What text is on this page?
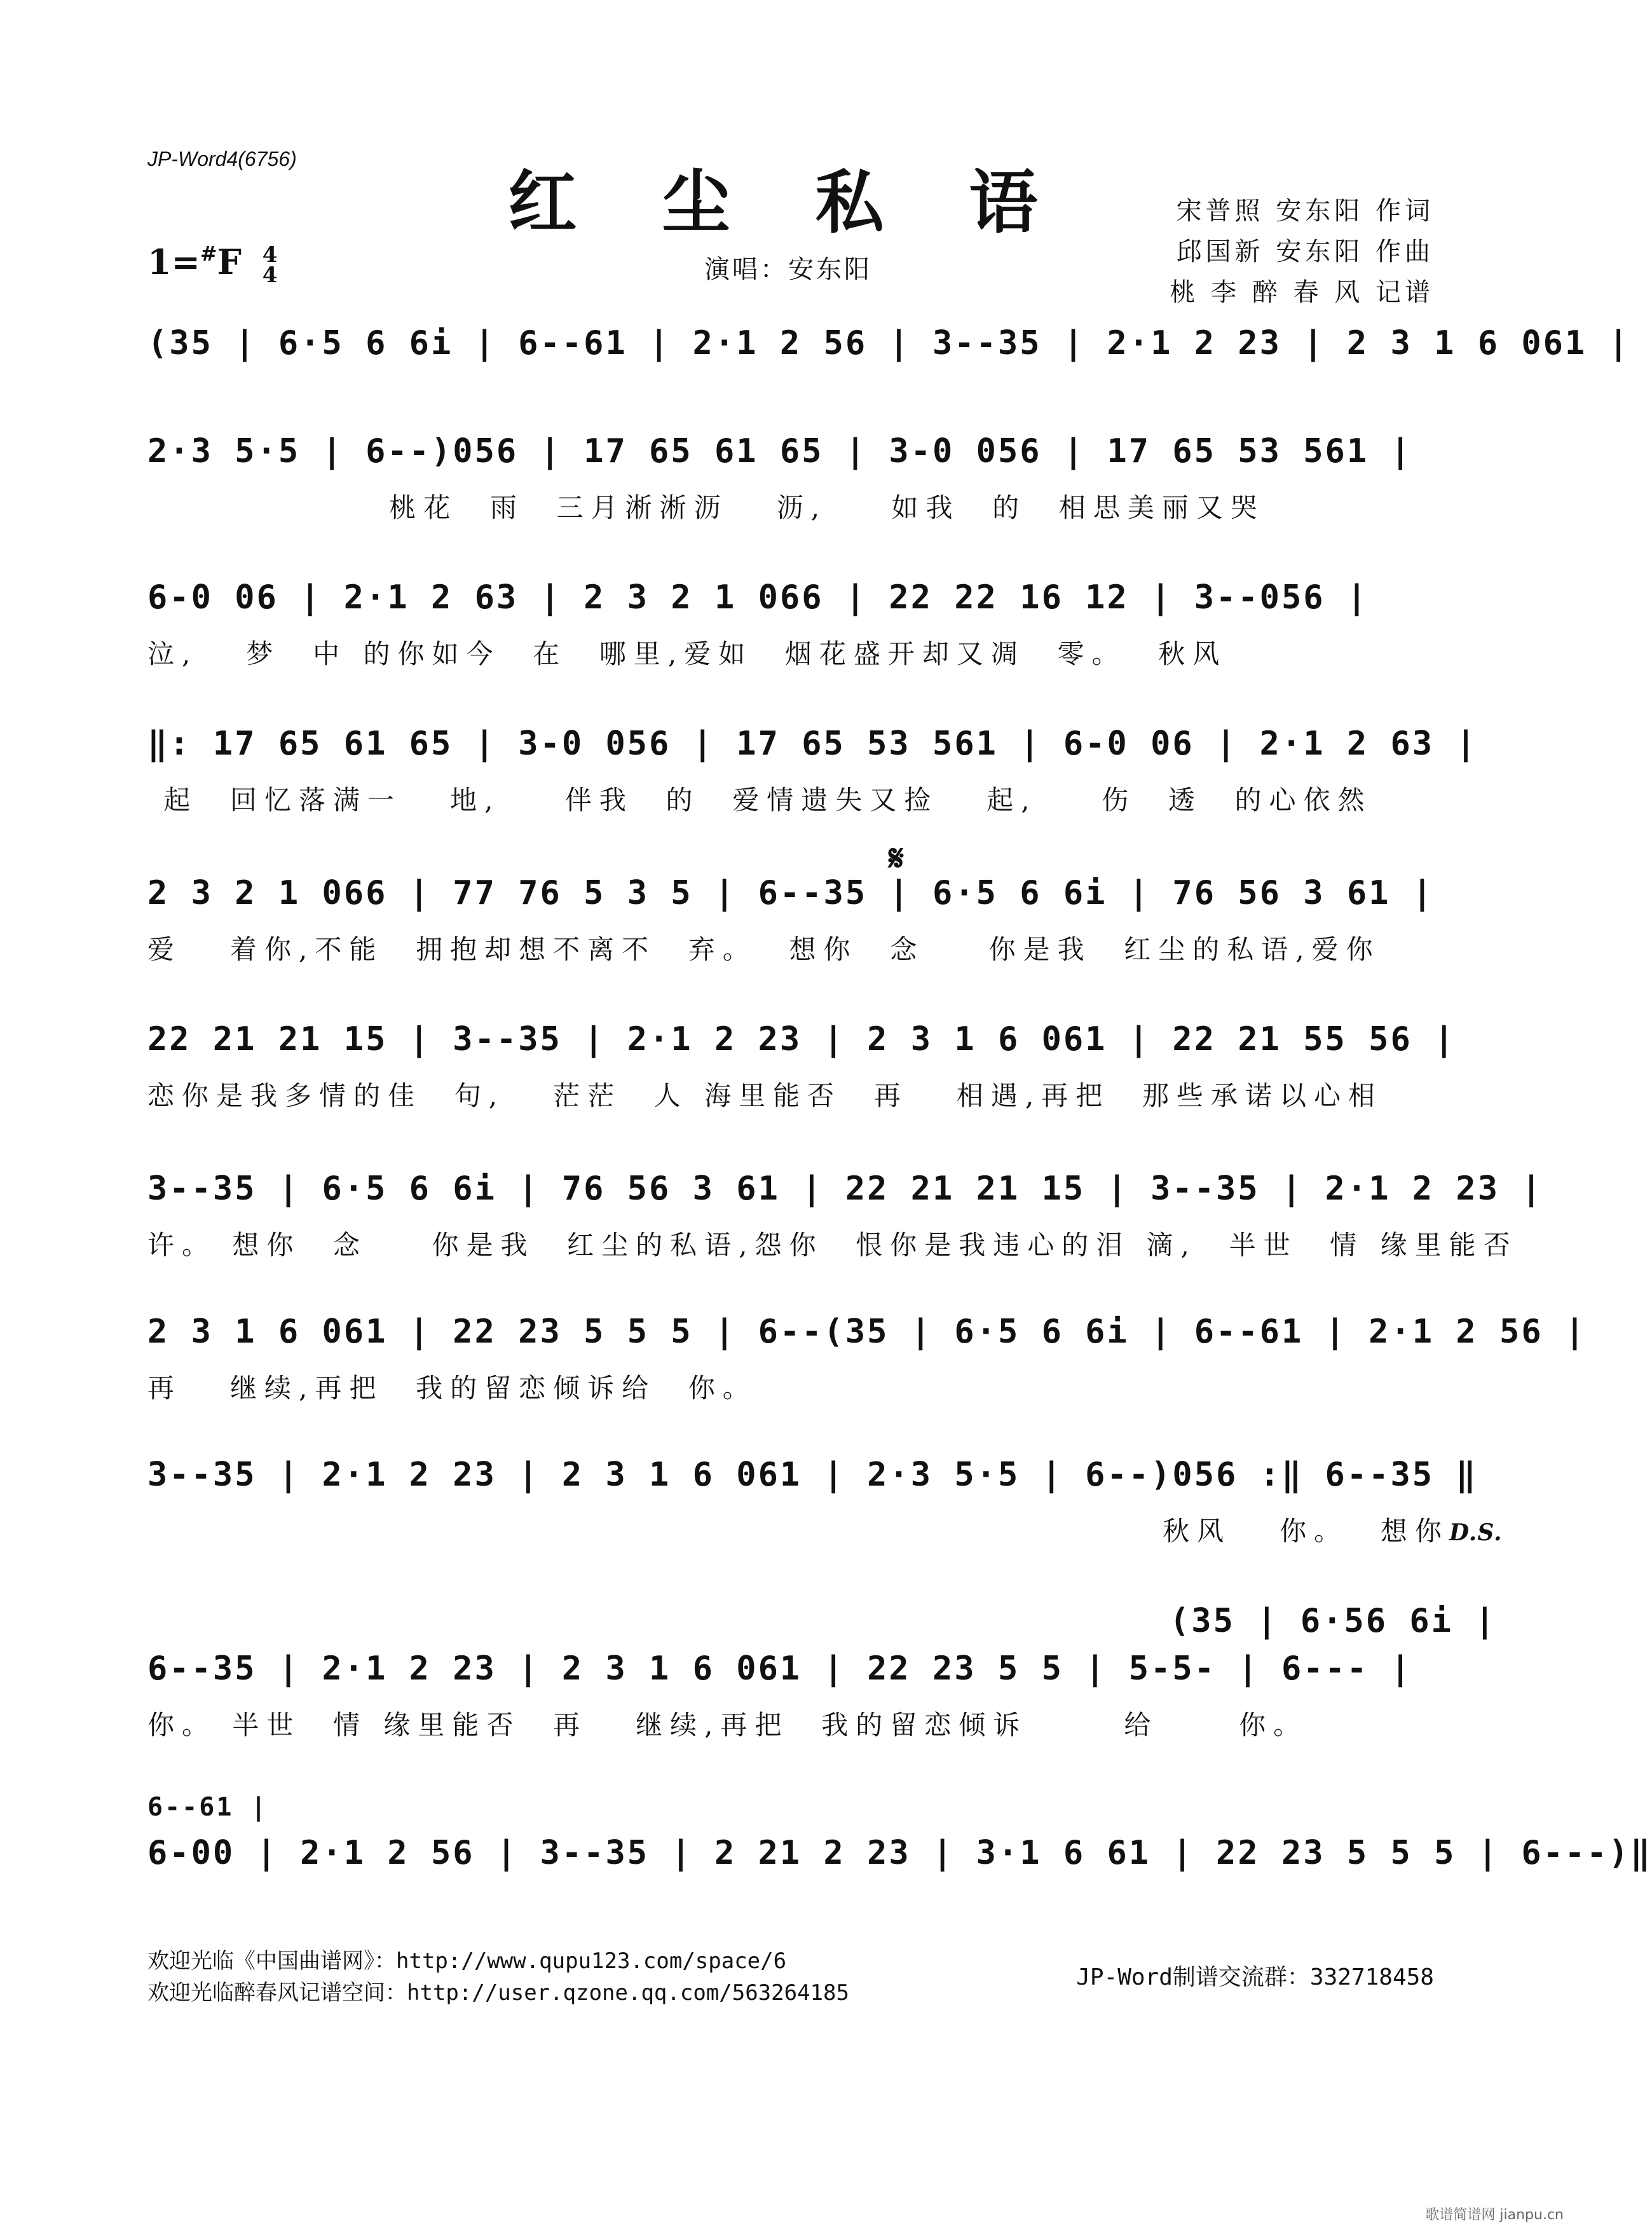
JP-Word4(6756)
红 尘 私 语	宋普照 安东阳 作词
邱国新 安东阳 作曲
桃 李 醉 春 风 记谱
1=#F 4
4	演唱：安东阳
(35 | 6·5 6 6i | 6--61 | 2·1 2 56 | 3--35 | 2·1 2 23 | 2 3 1 6 061 |
2·3 5·5 | 6--)056 | 17 65 61 65 | 3-0 056 | 17 65 53 561 |
桃花  雨  三月淅淅沥   沥,    如我  的  相思美丽又哭
6-0 06 | 2·1 2 63 | 2 3 2 1 066 | 22 22 16 12 | 3--056 |
泣,   梦  中 的你如今  在  哪里,爱如  烟花盛开却又凋  零。  秋风
‖: 17 65 61 65 | 3-0 056 | 17 65 53 561 | 6-0 06 | 2·1 2 63 |
起  回忆落满一   地,    伴我  的  爱情遗失又捡   起,    伤  透  的心依然
𝄋
2 3 2 1 066 | 77 76 5 3 5 | 6--35 | 6·5 6 6i | 76 56 3 61 |
爱   着你,不能  拥抱却想不离不  弃。  想你  念    你是我  红尘的私语,爱你
22 21 21 15 | 3--35 | 2·1 2 23 | 2 3 1 6 061 | 22 21 55 56 |
恋你是我多情的佳  句,   茫茫  人 海里能否  再   相遇,再把  那些承诺以心相
3--35 | 6·5 6 6i | 76 56 3 61 | 22 21 21 15 | 3--35 | 2·1 2 23 |
许。 想你  念    你是我  红尘的私语,怨你  恨你是我违心的泪 滴,  半世  情 缘里能否
2 3 1 6 061 | 22 23 5 5 5 | 6--(35 | 6·5 6 6i | 6--61 | 2·1 2 56 |
再   继续,再把  我的留恋倾诉给  你。
3--35 | 2·1 2 23 | 2 3 1 6 061 | 2·3 5·5 | 6--)056 :‖ 6--35 ‖
秋风   你。  想你D.S.
(35 | 6·56 6i |
6--35 | 2·1 2 23 | 2 3 1 6 061 | 22 23 5 5 | 5-5- | 6--- |
你。 半世  情 缘里能否  再   继续,再把  我的留恋倾诉      给     你。
6--61 |
6-00 | 2·1 2 56 | 3--35 | 2 21 2 23 | 3·1 6 61 | 22 23 5 5 5 | 6---)‖
欢迎光临《中国曲谱网》：http://www.qupu123.com/space/6
欢迎光临醉春风记谱空间：http://user.qzone.qq.com/563264185
JP-Word制谱交流群：332718458
歌谱简谱网 jianpu.cn
